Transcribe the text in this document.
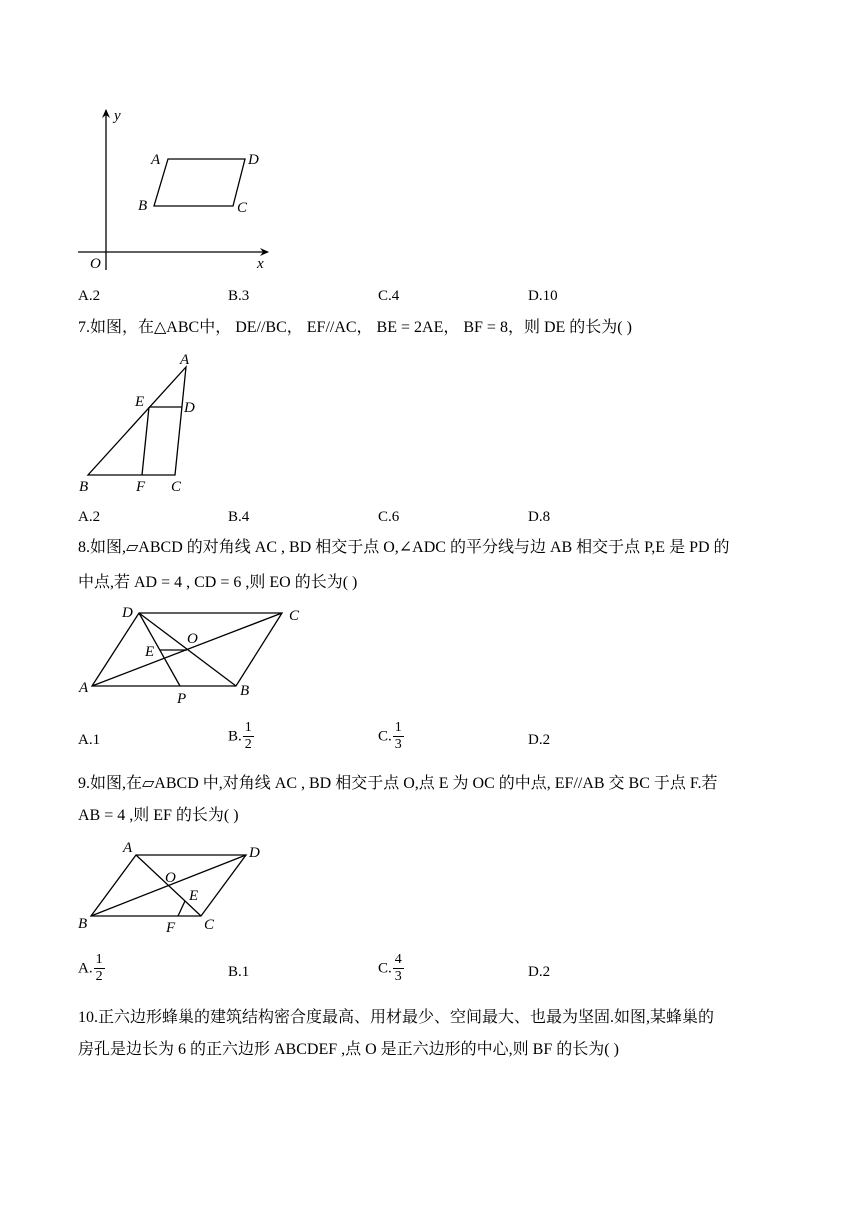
y
x
O
A	D
B	C
A.2	B.3	C.4	D.10
7.如图，在△ABC中， DE//BC， EF//AC， BE = 2AE， BF = 8，则 DE 的长为( )
A
E	D
B	F C
A.2	B.4	C.6	D.8
8.如图,▱ABCD 的对角线 AC , BD 相交于点 O,∠ADC 的平分线与边 AB 相交于点 P,E 是 PD 的
中点,若 AD = 4 , CD = 6 ,则 EO 的长为( )
D	C
O
E
A
P	B
A.1	B. $\frac{1}{2}$	C. $\frac{1}{3}$	D.2
9.如图,在▱ABCD 中,对角线 AC , BD 相交于点 O,点 E 为 OC 的中点, EF//AB 交 BC 于点 F.若
AB = 4 ,则 EF 的长为( )
A	D
O
E
B	F C
A. $\frac{1}{2}$	B.1	C. $\frac{4}{3}$	D.2
10.正六边形蜂巢的建筑结构密合度最高、用材最少、空间最大、也最为坚固.如图,某蜂巢的
房孔是边长为 6 的正六边形 ABCDEF ,点 O 是正六边形的中心,则 BF 的长为( )
